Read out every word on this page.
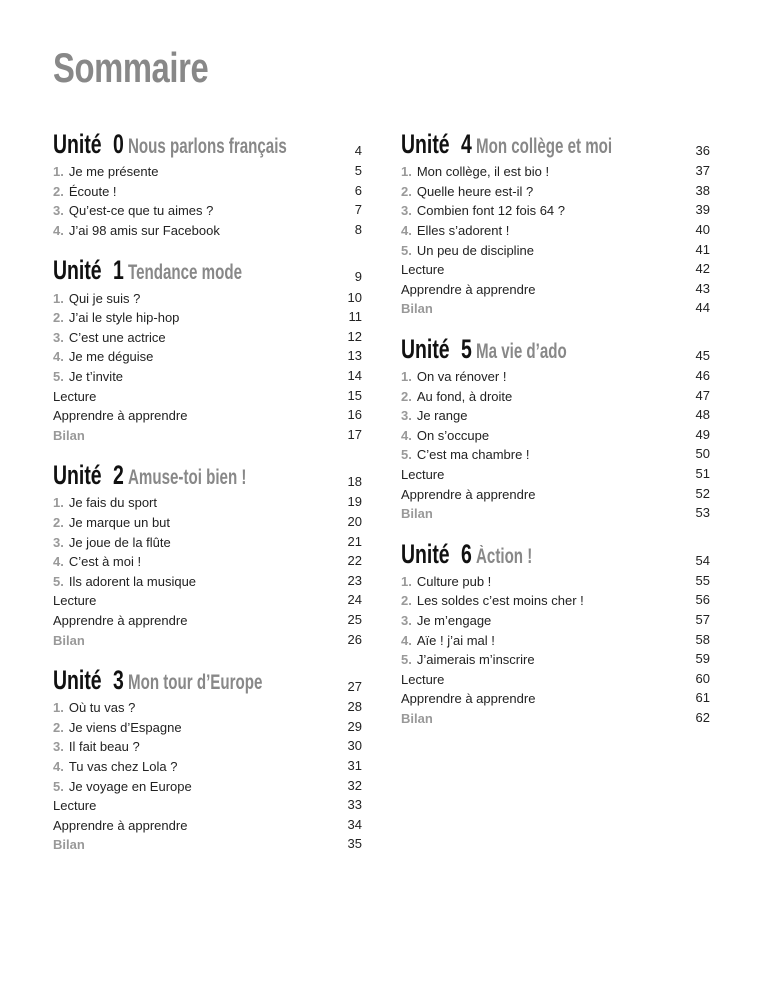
Sommaire
Unité 0 Nous parlons français	4
1. Je me présente	5
2. Écoute !	6
3. Qu’est-ce que tu aimes ?	7
4. J’ai 98 amis sur Facebook	8
Unité 1 Tendance mode	9
1. Qui je suis ?	10
2. J’ai le style hip-hop	11
3. C’est une actrice	12
4. Je me déguise	13
5. Je t’invite	14
Lecture	15
Apprendre à apprendre	16
Bilan	17
Unité 2 Amuse-toi bien !	18
1. Je fais du sport	19
2. Je marque un but	20
3. Je joue de la flûte	21
4. C’est à moi !	22
5. Ils adorent la musique	23
Lecture	24
Apprendre à apprendre	25
Bilan	26
Unité 3 Mon tour d’Europe	27
1. Où tu vas ?	28
2. Je viens d’Espagne	29
3. Il fait beau ?	30
4. Tu vas chez Lola ?	31
5. Je voyage en Europe	32
Lecture	33
Apprendre à apprendre	34
Bilan	35
Unité 4 Mon collège et moi	36
1. Mon collège, il est bio !	37
2. Quelle heure est-il ?	38
3. Combien font 12 fois 64 ?	39
4. Elles s’adorent !	40
5. Un peu de discipline	41
Lecture	42
Apprendre à apprendre	43
Bilan	44
Unité 5 Ma vie d’ado	45
1. On va rénover !	46
2. Au fond, à droite	47
3. Je range	48
4. On s’occupe	49
5. C’est ma chambre !	50
Lecture	51
Apprendre à apprendre	52
Bilan	53
Unité 6 Àction !	54
1. Culture pub !	55
2. Les soldes c’est moins cher !	56
3. Je m’engage	57
4. Aïe ! j’ai mal !	58
5. J’aimerais m’inscrire	59
Lecture	60
Apprendre à apprendre	61
Bilan	62
